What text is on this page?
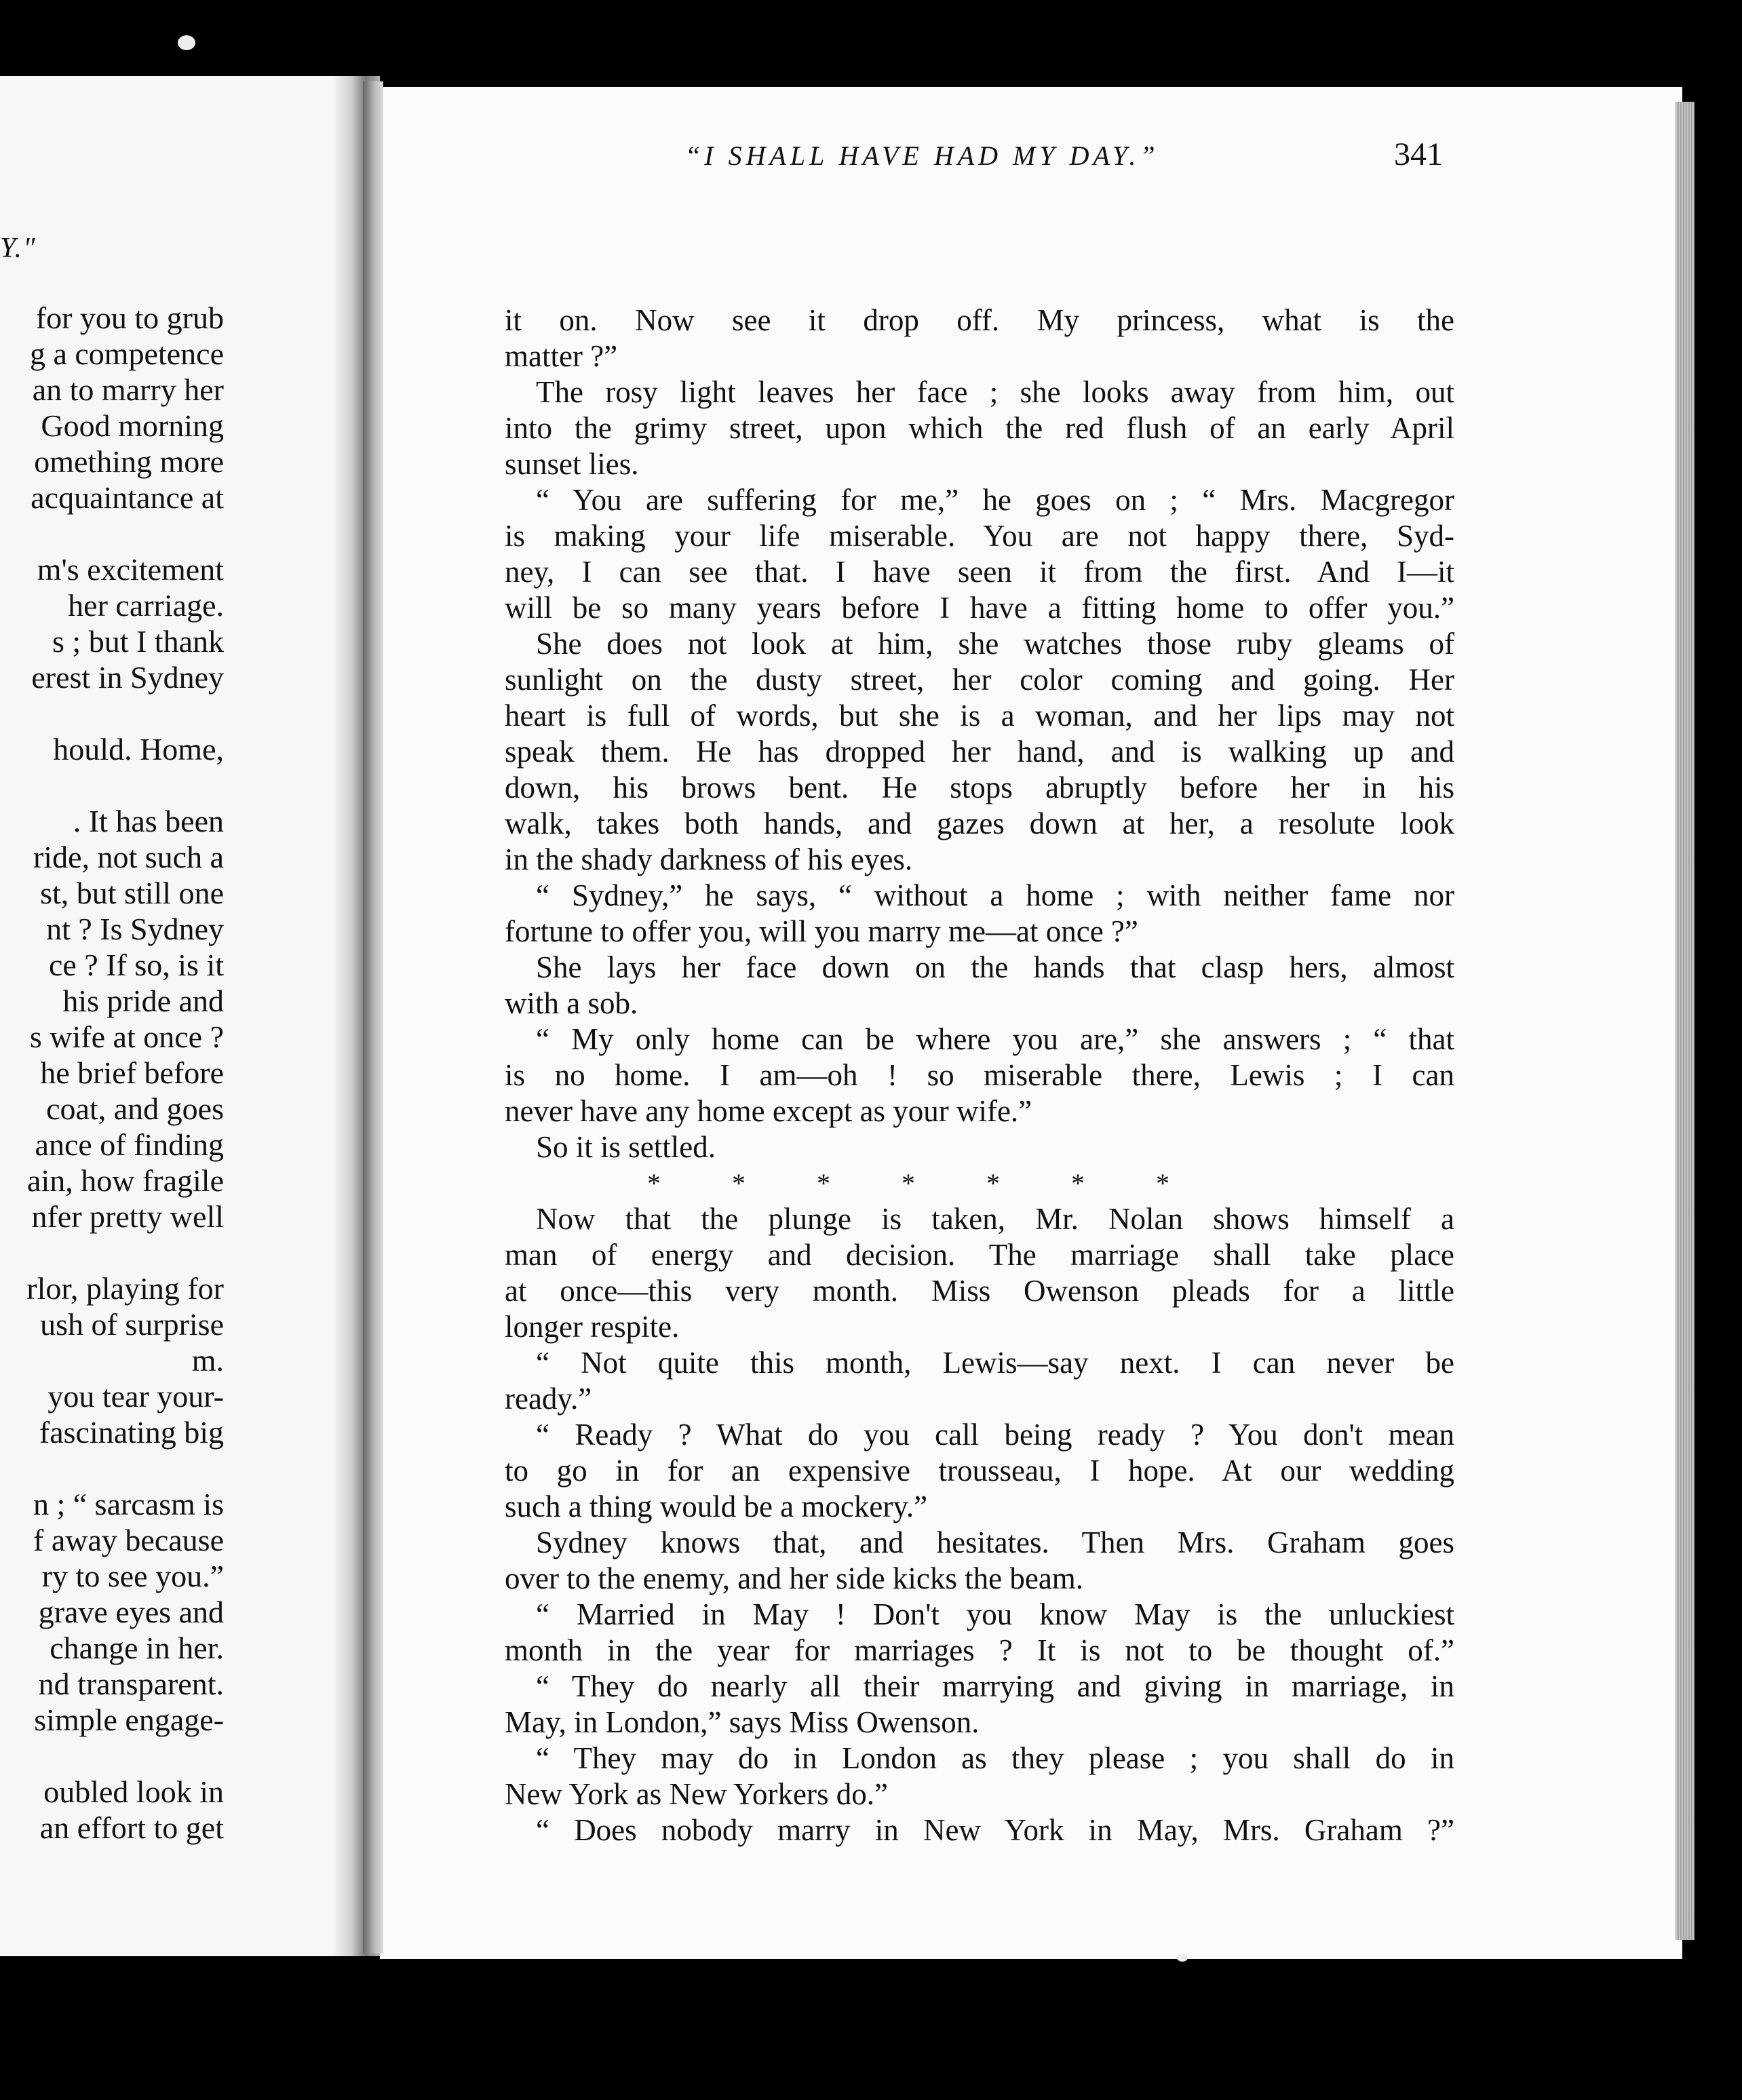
Y."
for you to grub
g a competence
an to marry her
Good morning
omething more
acquaintance at
m's excitement
her carriage.
s ; but I thank
erest in Sydney
hould. Home,
. It has been
ride, not such a
st, but still one
nt ? Is Sydney
ce ? If so, is it
his pride and
s wife at once ?
he brief before
coat, and goes
ance of finding
ain, how fragile
nfer pretty well
rlor, playing for
ush of surprise
m.
you tear your-
fascinating big
n ; “ sarcasm is
f away because
ry to see you.”
grave eyes and
change in her.
nd transparent.
simple engage-
oubled look in
an effort to get
“I SHALL HAVE HAD MY DAY.”	341
it on. Now see it drop off. My princess, what is the
matter ?”
The rosy light leaves her face ; she looks away from him, out
into the grimy street, upon which the red flush of an early April
sunset lies.
“ You are suffering for me,” he goes on ; “ Mrs. Macgregor
is making your life miserable. You are not happy there, Syd-
ney, I can see that. I have seen it from the first. And I—it
will be so many years before I have a fitting home to offer you.”
She does not look at him, she watches those ruby gleams of
sunlight on the dusty street, her color coming and going. Her
heart is full of words, but she is a woman, and her lips may not
speak them. He has dropped her hand, and is walking up and
down, his brows bent. He stops abruptly before her in his
walk, takes both hands, and gazes down at her, a resolute look
in the shady darkness of his eyes.
“ Sydney,” he says, “ without a home ; with neither fame nor
fortune to offer you, will you marry me—at once ?”
She lays her face down on the hands that clasp hers, almost
with a sob.
“ My only home can be where you are,” she answers ; “ that
is no home. I am—oh ! so miserable there, Lewis ; I can
never have any home except as your wife.”
So it is settled.
* * * * * * *
Now that the plunge is taken, Mr. Nolan shows himself a
man of energy and decision. The marriage shall take place
at once—this very month. Miss Owenson pleads for a little
longer respite.
“ Not quite this month, Lewis—say next. I can never be
ready.”
“ Ready ? What do you call being ready ? You don't mean
to go in for an expensive trousseau, I hope. At our wedding
such a thing would be a mockery.”
Sydney knows that, and hesitates. Then Mrs. Graham goes
over to the enemy, and her side kicks the beam.
“ Married in May ! Don't you know May is the unluckiest
month in the year for marriages ? It is not to be thought of.”
“ They do nearly all their marrying and giving in marriage, in
May, in London,” says Miss Owenson.
“ They may do in London as they please ; you shall do in
New York as New Yorkers do.”
“ Does nobody marry in New York in May, Mrs. Graham ?”
